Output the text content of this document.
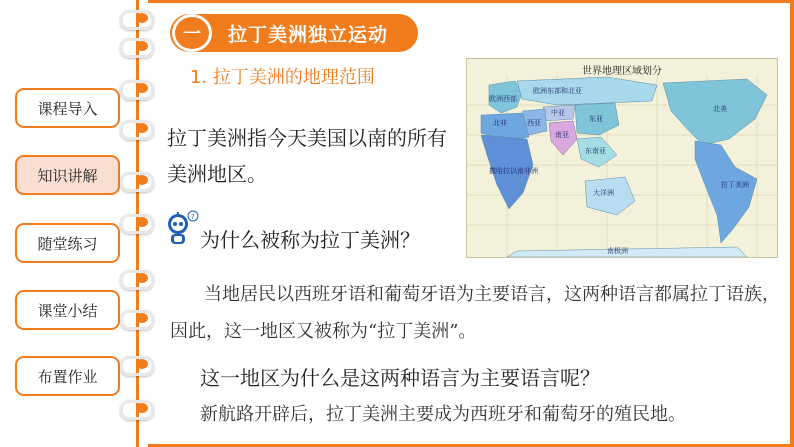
课程导入
知识讲解
随堂练习
课堂小结
布置作业
一 拉丁美洲独立运动
1. 拉丁美洲的地理范围
拉丁美洲指今天美国以南的所有美洲地区。
?
为什么被称为拉丁美洲？
当地居民以西班牙语和葡萄牙语为主要语言，这两种语言都属拉丁语族，因此，这一地区又被称为“拉丁美洲”。
这一地区为什么是这两种语言为主要语言呢？
新航路开辟后，拉丁美洲主要成为西班牙和葡萄牙的殖民地。
世界地理区域划分
欧洲西部
欧洲东部和北亚
中亚
西亚
北非
南亚
东亚
东南亚
撒哈拉以南非洲
大洋洲
北美
拉丁美洲
南极洲
